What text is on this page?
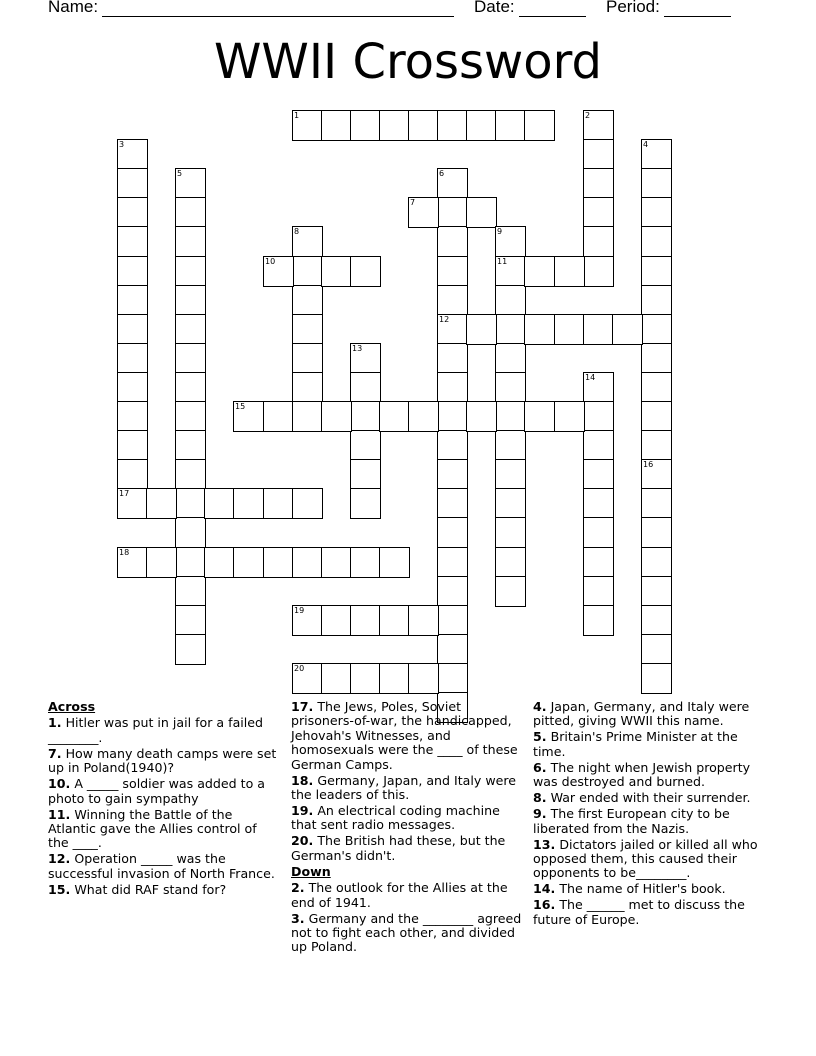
Name:	Date:	Period:
WWII Crossword
1	2
3	4
5	6
12
7
8	9
11
10
13
14
15
16
17
18
19
20
Across
1. Hitler was put in jail for a failed ________.
7. How many death camps were set up in Poland(1940)?
10. A _____ soldier was added to a photo to gain sympathy
11. Winning the Battle of the Atlantic gave the Allies control of the ____.
12. Operation _____ was the successful invasion of North France.
15. What did RAF stand for?
17. The Jews, Poles, Soviet prisoners-of-war, the handicapped, Jehovah's Witnesses, and homosexuals were the ____ of these German Camps.
18. Germany, Japan, and Italy were the leaders of this.
19. An electrical coding machine that sent radio messages.
20. The British had these, but the German's didn't.
Down
2. The outlook for the Allies at the end of 1941.
3. Germany and the ________ agreed not to fight each other, and divided up Poland.
4. Japan, Germany, and Italy were pitted, giving WWII this name.
5. Britain's Prime Minister at the time.
6. The night when Jewish property was destroyed and burned.
8. War ended with their surrender.
9. The first European city to be liberated from the Nazis.
13. Dictators jailed or killed all who opposed them, this caused their opponents to be________.
14. The name of Hitler's book.
16. The ______ met to discuss the future of Europe.
